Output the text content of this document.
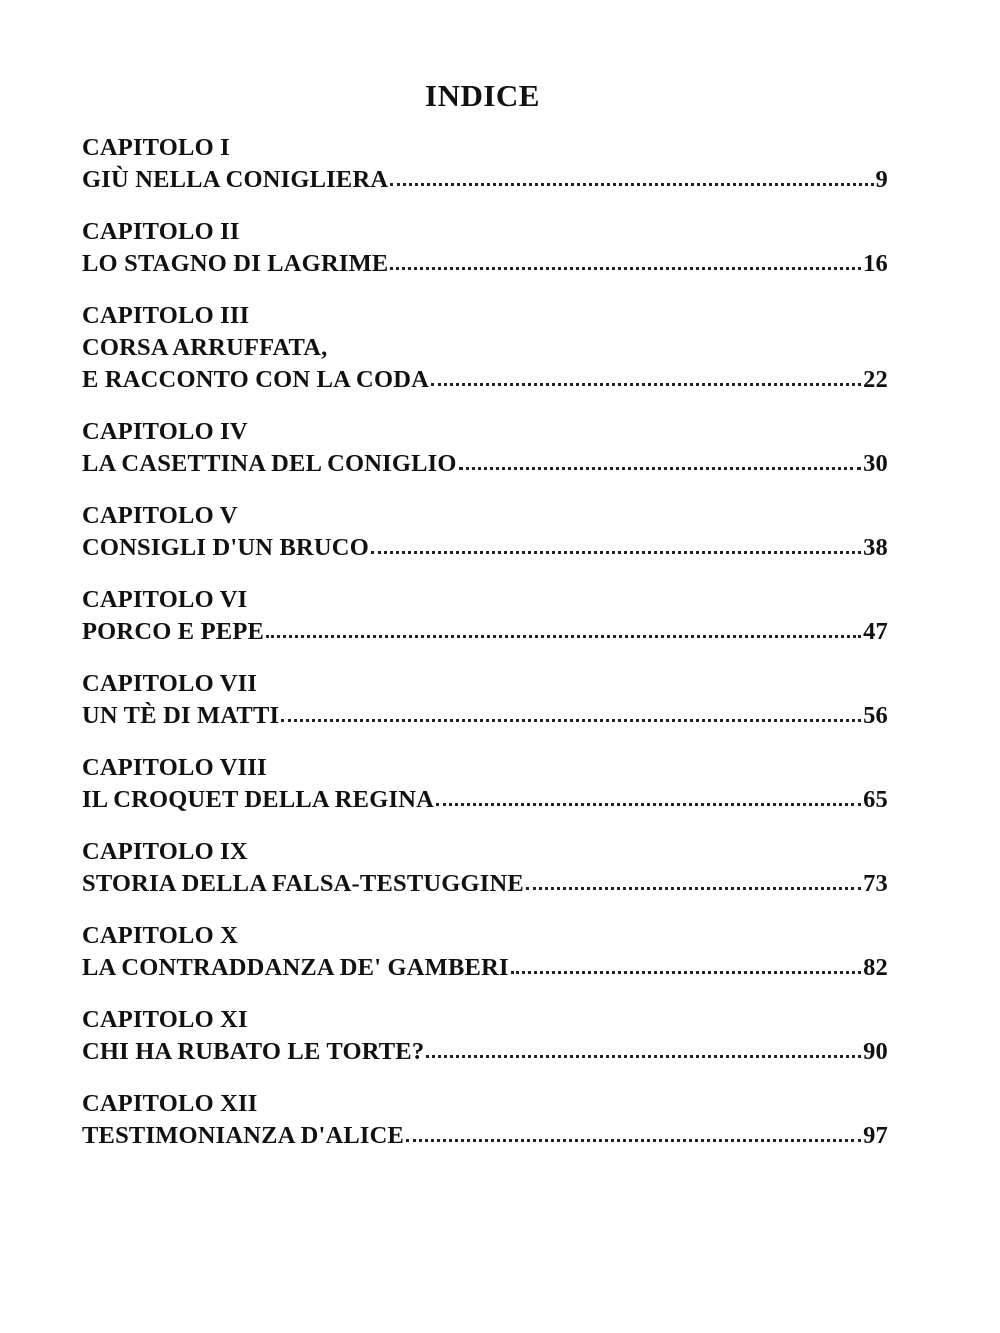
INDICE
CAPITOLO I
GIÙ NELLA CONIGLIERA	9
CAPITOLO II
LO STAGNO DI LAGRIME	16
CAPITOLO III
CORSA ARRUFFATA,
E RACCONTO CON LA CODA	22
CAPITOLO IV
LA CASETTINA DEL CONIGLIO	30
CAPITOLO V
CONSIGLI D'UN BRUCO	38
CAPITOLO VI
PORCO E PEPE	47
CAPITOLO VII
UN TÈ DI MATTI	56
CAPITOLO VIII
IL CROQUET DELLA REGINA	65
CAPITOLO IX
STORIA DELLA FALSA-TESTUGGINE	73
CAPITOLO X
LA CONTRADDANZA DE' GAMBERI	82
CAPITOLO XI
CHI HA RUBATO LE TORTE?	90
CAPITOLO XII
TESTIMONIANZA D'ALICE	97
